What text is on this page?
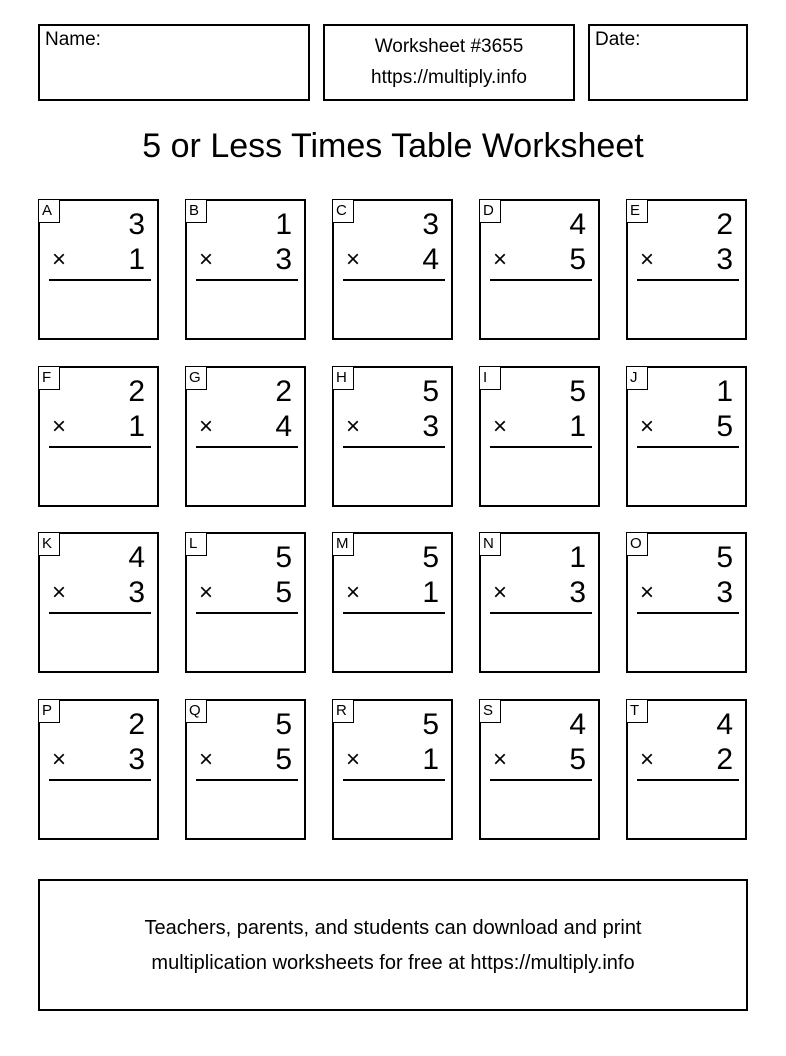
Name:	Worksheet #3655
https://multiply.info
Date:
5 or Less Times Table Worksheet
A	3
× 1
B	1
× 3
C	3
× 4
D	4
× 5
E	2
× 3
F	2
× 1
G 2
× 4
H	5
× 3
I	5
× 1
J	1
× 5
K	4
× 3
L	5
× 5
M 5
× 1
N	1
× 3
O 5
× 3
P	2
× 3
Q 5
× 5
R	5
× 1
S	4
× 5
T	4
× 2
Teachers, parents, and students can download and print
multiplication worksheets for free at https://multiply.info
